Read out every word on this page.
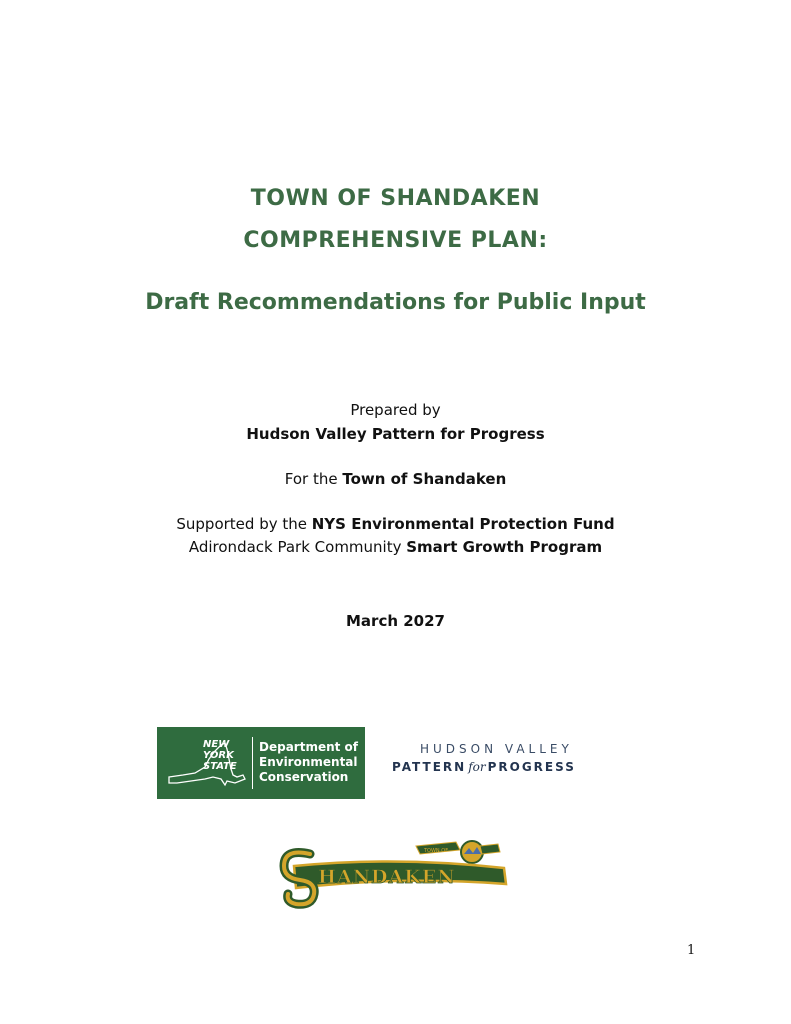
TOWN OF SHANDAKEN
COMPREHENSIVE PLAN:
Draft Recommendations for Public Input
Prepared by
Hudson Valley Pattern for Progress
For the Town of Shandaken
Supported by the NYS Environmental Protection Fund
Adirondack Park Community Smart Growth Program
March 2027
NEW
YORK
STATE
Department of
Environmental
Conservation
HUDSON VALLEY
PATTERN for PROGRESS
HANDAKEN
TOWN OF
1
